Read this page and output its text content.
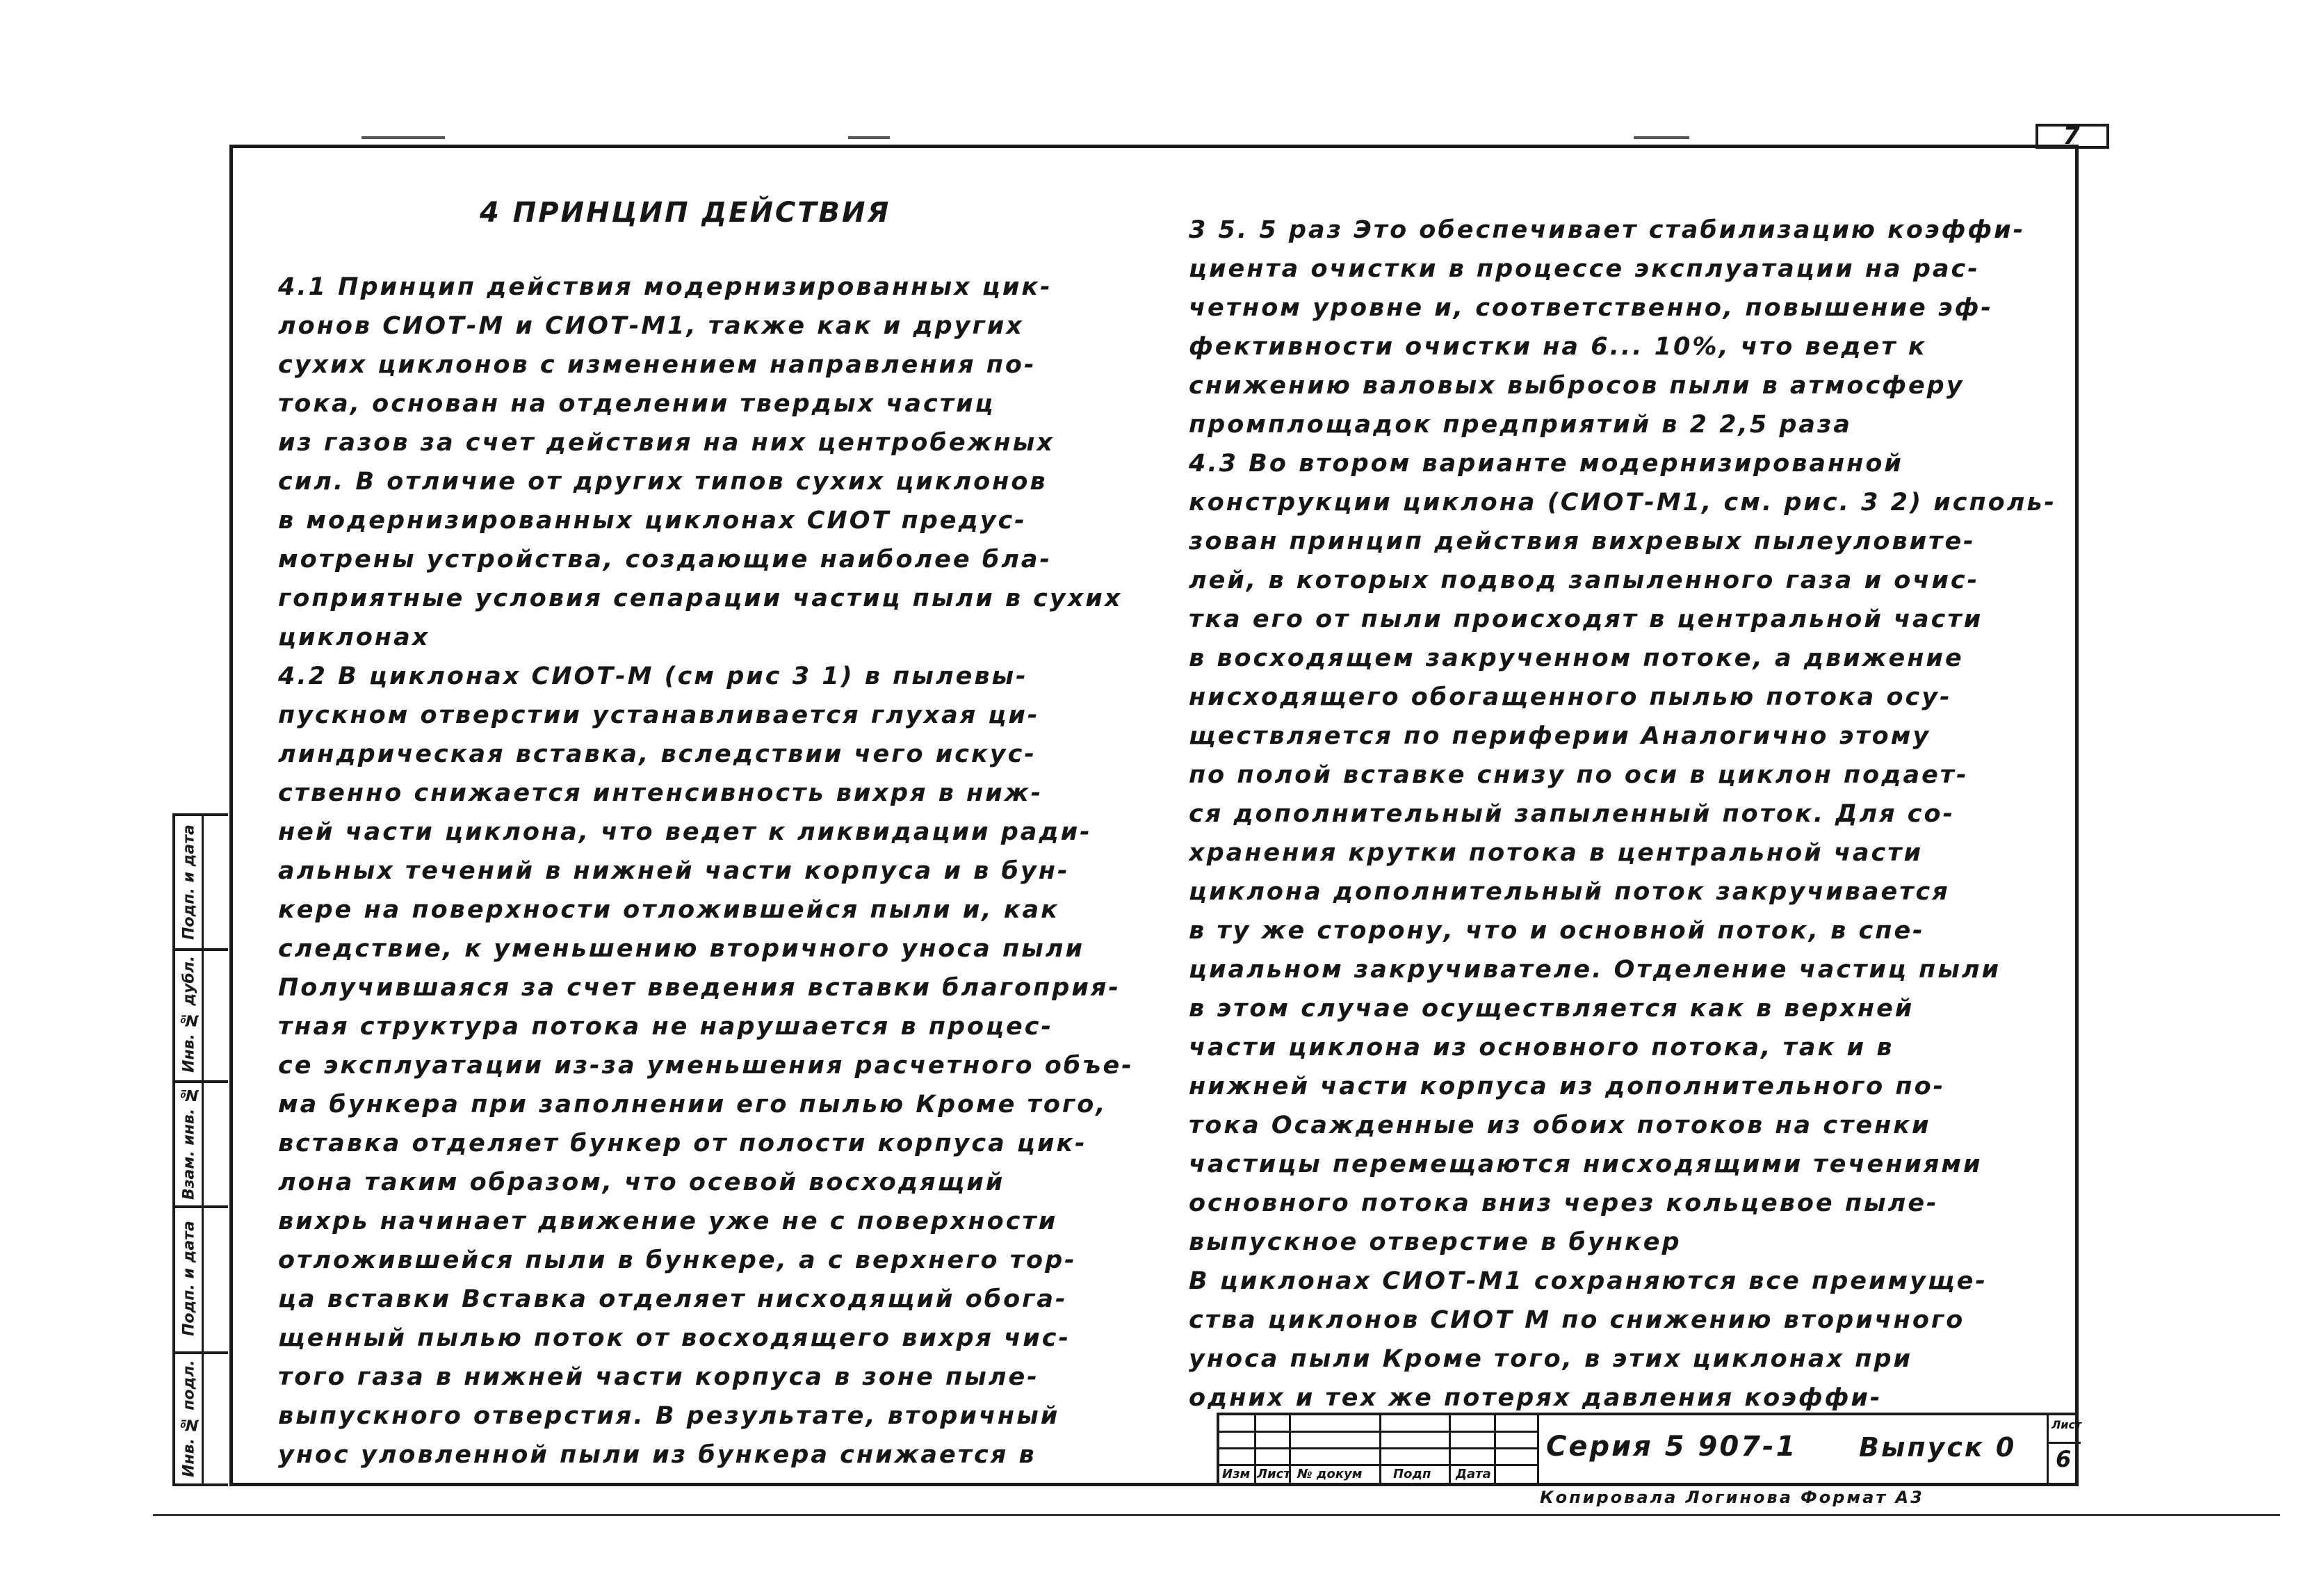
7
4 ПРИНЦИП ДЕЙСТВИЯ
4.1 Принцип действия модернизированных цик-
лонов СИОТ-М и СИОТ-М1, также как и других
сухих циклонов с изменением направления по-
тока, основан на отделении твердых частиц
из газов за счет действия на них центробежных
сил. В отличие от других типов сухих циклонов
в модернизированных циклонах СИОТ предус-
мотрены устройства, создающие наиболее бла-
гоприятные условия сепарации частиц пыли в сухих
циклонах
4.2 В циклонах СИОТ-М (см рис 3 1) в пылевы-
пускном отверстии устанавливается глухая ци-
линдрическая вставка, вследствии чего искус-
ственно снижается интенсивность вихря в ниж-
ней части циклона, что ведет к ликвидации ради-
альных течений в нижней части корпуса и в бун-
кере на поверхности отложившейся пыли и, как
следствие, к уменьшению вторичного уноса пыли
Получившаяся за счет введения вставки благоприя-
тная структура потока не нарушается в процес-
се эксплуатации из-за уменьшения расчетного объе-
ма бункера при заполнении его пылью Кроме того,
вставка отделяет бункер от полости корпуса цик-
лона таким образом, что осевой восходящий
вихрь начинает движение уже не с поверхности
отложившейся пыли в бункере, а с верхнего тор-
ца вставки Вставка отделяет нисходящий обога-
щенный пылью поток от восходящего вихря чис-
того газа в нижней части корпуса в зоне пыле-
выпускного отверстия. В результате, вторичный
унос уловленной пыли из бункера снижается в
3 5. 5 раз Это обеспечивает стабилизацию коэффи-
циента очистки в процессе эксплуатации на рас-
четном уровне и, соответственно, повышение эф-
фективности очистки на 6... 10%, что ведет к
снижению валовых выбросов пыли в атмосферу
промплощадок предприятий в 2 2,5 раза
4.3 Во втором варианте модернизированной
конструкции циклона (СИОТ-М1, см. рис. 3 2) исполь-
зован принцип действия вихревых пылеуловите-
лей, в которых подвод запыленного газа и очис-
тка его от пыли происходят в центральной части
в восходящем закрученном потоке, а движение
нисходящего обогащенного пылью потока осу-
ществляется по периферии Аналогично этому
по полой вставке снизу по оси в циклон подает-
ся дополнительный запыленный поток. Для со-
хранения крутки потока в центральной части
циклона дополнительный поток закручивается
в ту же сторону, что и основной поток, в спе-
циальном закручивателе. Отделение частиц пыли
в этом случае осуществляется как в верхней
части циклона из основного потока, так и в
нижней части корпуса из дополнительного по-
тока Осажденные из обоих потоков на стенки
частицы перемещаются нисходящими течениями
основного потока вниз через кольцевое пыле-
выпускное отверстие в бункер
В циклонах СИОТ-М1 сохраняются все преимуще-
ства циклонов СИОТ М по снижению вторичного
уноса пыли Кроме того, в этих циклонах при
одних и тех же потерях давления коэффи-
Подп. и дата
Инв. № дубл.
Взам. инв. №
Подп. и дата
Инв. № подл.	Изм Лист № докум Подп Дата
Серия 5 907-1 Выпуск 0
Лист
6
Копировала Логинова Формат А3
